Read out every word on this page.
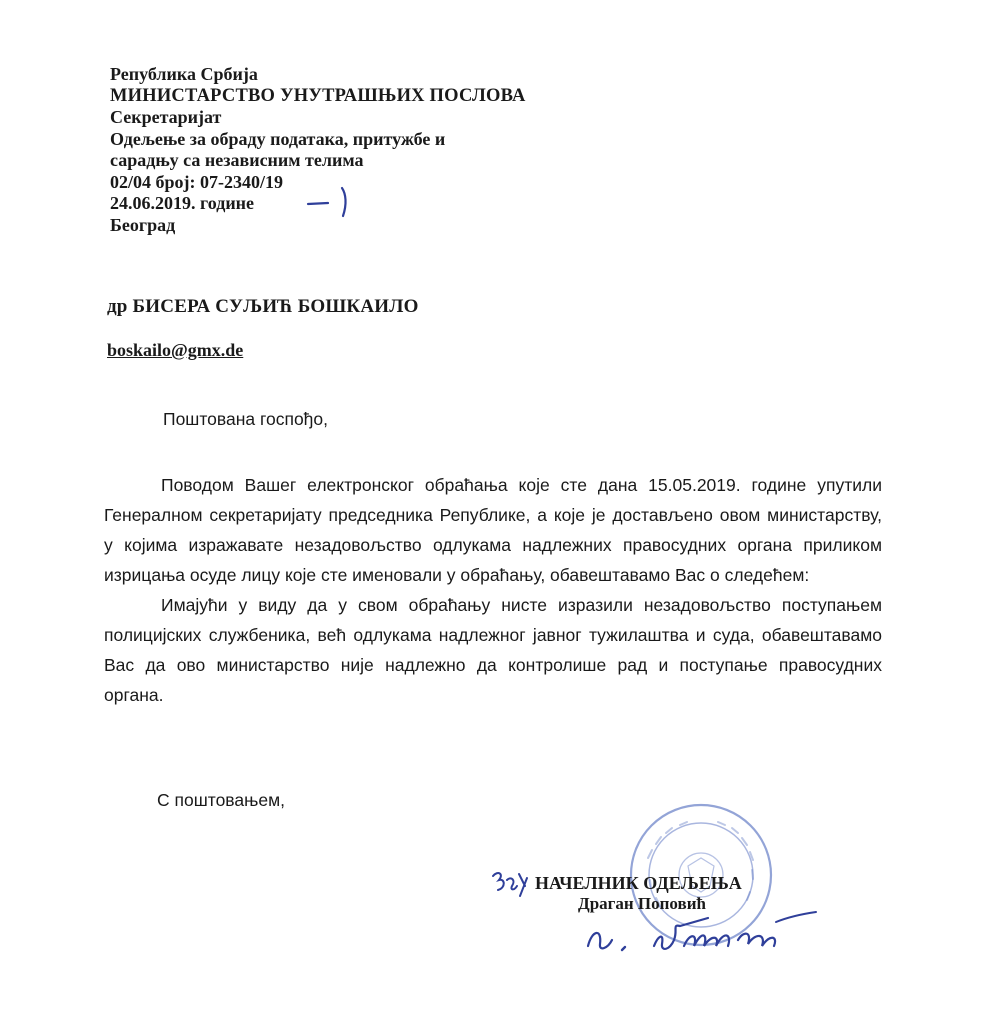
Република Србија
МИНИСТАРСТВО УНУТРАШЊИХ ПОСЛОВА
Секретаријат
Одељење за обраду података, притужбе и
сарадњу са независним телима
02/04 број: 07-2340/19
24.06.2019. године
Београд
др БИСЕРА СУЉИЋ БОШКАИЛО
boskailo@gmx.de
Поштована госпођо,

Поводом Вашег електронског обраћања које сте дана 15.05.2019. године упутили
Генералном секретаријату председника Републике, а које је достављено овом министарству,
у којима изражавате незадовољство одлукама надлежних правосудних органа приликом
изрицања осуде лицу које сте именовали у обраћању, обавештавамо Вас о следећем:

Имајући у виду да у свом обраћању нисте изразили незадовољство поступањем
полицијских службеника, већ одлукама надлежног јавног тужилаштва и суда, обавештавамо
Вас да ово министарство није надлежно да контролише рад и поступање правосудних
органа.

С поштовањем,
НАЧЕЛНИК ОДЕЉЕЊА
Драган Поповић
